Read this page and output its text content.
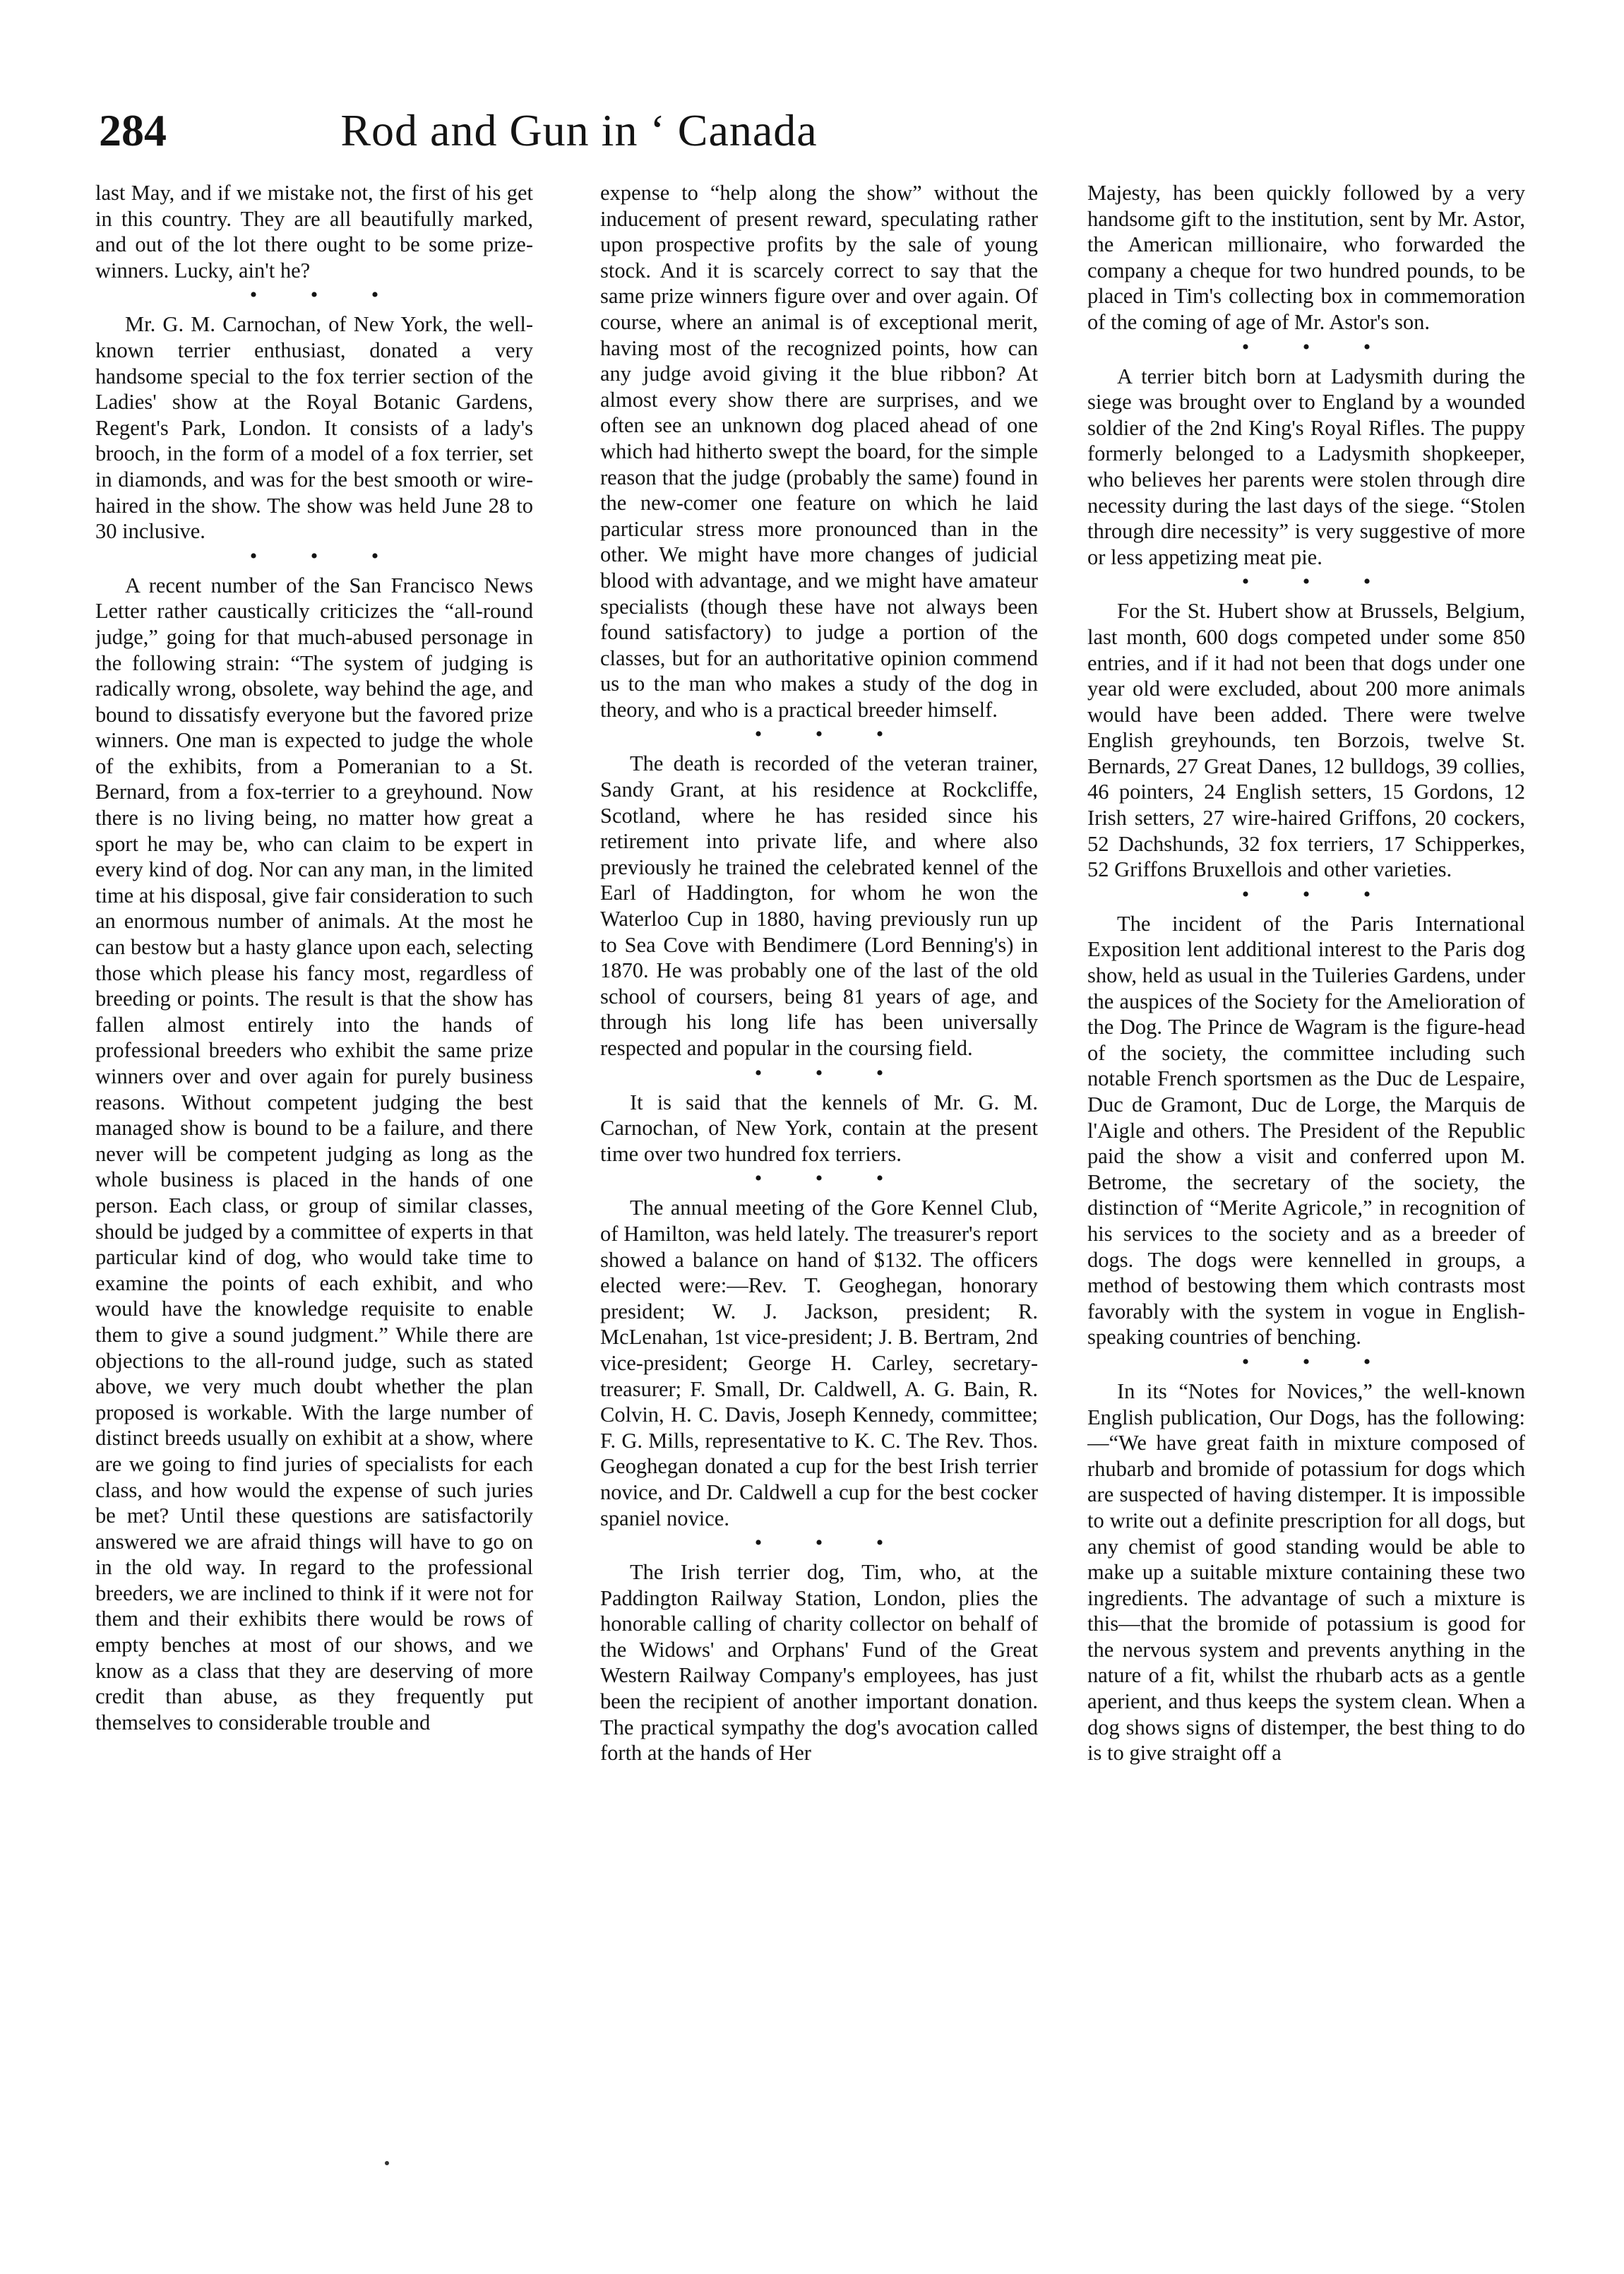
284	Rod and Gun in ‘ Canada

last May, and if we mistake not, the first of his get in this country. They are all beautifully marked, and out of the lot there ought to be some prize-winners. Lucky, ain't he?

• • •

Mr. G. M. Carnochan, of New York, the well-known terrier enthusiast, donated a very handsome special to the fox terrier section of the Ladies' show at the Royal Botanic Gardens, Regent's Park, London. It consists of a lady's brooch, in the form of a model of a fox terrier, set in diamonds, and was for the best smooth or wire-haired in the show. The show was held June 28 to 30 inclusive.

• • •

A recent number of the San Francisco News Letter rather caustically criticizes the “all-round judge,” going for that much-abused personage in the following strain: “The system of judging is radically wrong, obsolete, way behind the age, and bound to dissatisfy everyone but the favored prize winners. One man is expected to judge the whole of the exhibits, from a Pomeranian to a St. Bernard, from a fox-terrier to a greyhound. Now there is no living being, no matter how great a sport he may be, who can claim to be expert in every kind of dog. Nor can any man, in the limited time at his disposal, give fair consideration to such an enormous number of animals. At the most he can bestow but a hasty glance upon each, selecting those which please his fancy most, regardless of breeding or points. The result is that the show has fallen almost entirely into the hands of professional breeders who exhibit the same prize winners over and over again for purely business reasons. Without competent judging the best managed show is bound to be a failure, and there never will be competent judging as long as the whole business is placed in the hands of one person. Each class, or group of similar classes, should be judged by a committee of experts in that particular kind of dog, who would take time to examine the points of each exhibit, and who would have the knowledge requisite to enable them to give a sound judgment.” While there are objections to the all-round judge, such as stated above, we very much doubt whether the plan proposed is workable. With the large number of distinct breeds usually on exhibit at a show, where are we going to find juries of specialists for each class, and how would the expense of such juries be met? Until these questions are satisfactorily answered we are afraid things will have to go on in the old way. In regard to the professional breeders, we are inclined to think if it were not for them and their exhibits there would be rows of empty benches at most of our shows, and we know as a class that they are deserving of more credit than abuse, as they frequently put themselves to considerable trouble and

expense to “help along the show” without the inducement of present reward, speculating rather upon prospective profits by the sale of young stock. And it is scarcely correct to say that the same prize winners figure over and over again. Of course, where an animal is of exceptional merit, having most of the recognized points, how can any judge avoid giving it the blue ribbon? At almost every show there are surprises, and we often see an unknown dog placed ahead of one which had hitherto swept the board, for the simple reason that the judge (probably the same) found in the new-comer one feature on which he laid particular stress more pronounced than in the other. We might have more changes of judicial blood with advantage, and we might have amateur specialists (though these have not always been found satisfactory) to judge a portion of the classes, but for an authoritative opinion commend us to the man who makes a study of the dog in theory, and who is a practical breeder himself.

• • •

The death is recorded of the veteran trainer, Sandy Grant, at his residence at Rockcliffe, Scotland, where he has resided since his retirement into private life, and where also previously he trained the celebrated kennel of the Earl of Haddington, for whom he won the Waterloo Cup in 1880, having previously run up to Sea Cove with Bendimere (Lord Benning's) in 1870. He was probably one of the last of the old school of coursers, being 81 years of age, and through his long life has been universally respected and popular in the coursing field.

• • •

It is said that the kennels of Mr. G. M. Carnochan, of New York, contain at the present time over two hundred fox terriers.

• • •

The annual meeting of the Gore Kennel Club, of Hamilton, was held lately. The treasurer's report showed a balance on hand of $132. The officers elected were:—Rev. T. Geoghegan, honorary president; W. J. Jackson, president; R. McLenahan, 1st vice-president; J. B. Bertram, 2nd vice-president; George H. Carley, secretary-treasurer; F. Small, Dr. Caldwell, A. G. Bain, R. Colvin, H. C. Davis, Joseph Kennedy, committee; F. G. Mills, representative to K. C. The Rev. Thos. Geoghegan donated a cup for the best Irish terrier novice, and Dr. Caldwell a cup for the best cocker spaniel novice.

• • •

The Irish terrier dog, Tim, who, at the Paddington Railway Station, London, plies the honorable calling of charity collector on behalf of the Widows' and Orphans' Fund of the Great Western Railway Company's employees, has just been the recipient of another important donation. The practical sympathy the dog's avocation called forth at the hands of Her

Majesty, has been quickly followed by a very handsome gift to the institution, sent by Mr. Astor, the American millionaire, who forwarded the company a cheque for two hundred pounds, to be placed in Tim's collecting box in commemoration of the coming of age of Mr. Astor's son.

• • •

A terrier bitch born at Ladysmith during the siege was brought over to England by a wounded soldier of the 2nd King's Royal Rifles. The puppy formerly belonged to a Ladysmith shopkeeper, who believes her parents were stolen through dire necessity during the last days of the siege. “Stolen through dire necessity” is very suggestive of more or less appetizing meat pie.

• • •

For the St. Hubert show at Brussels, Belgium, last month, 600 dogs competed under some 850 entries, and if it had not been that dogs under one year old were excluded, about 200 more animals would have been added. There were twelve English greyhounds, ten Borzois, twelve St. Bernards, 27 Great Danes, 12 bulldogs, 39 collies, 46 pointers, 24 English setters, 15 Gordons, 12 Irish setters, 27 wire-haired Griffons, 20 cockers, 52 Dachshunds, 32 fox terriers, 17 Schipperkes, 52 Griffons Bruxellois and other varieties.

• • •

The incident of the Paris International Exposition lent additional interest to the Paris dog show, held as usual in the Tuileries Gardens, under the auspices of the Society for the Amelioration of the Dog. The Prince de Wagram is the figure-head of the society, the committee including such notable French sportsmen as the Duc de Lespaire, Duc de Gramont, Duc de Lorge, the Marquis de l'Aigle and others. The President of the Republic paid the show a visit and conferred upon M. Betrome, the secretary of the society, the distinction of “Merite Agricole,” in recognition of his services to the society and as a breeder of dogs. The dogs were kennelled in groups, a method of bestowing them which contrasts most favorably with the system in vogue in English-speaking countries of benching.

• • •

In its “Notes for Novices,” the well-known English publication, Our Dogs, has the following:—“We have great faith in mixture composed of rhubarb and bromide of potassium for dogs which are suspected of having distemper. It is impossible to write out a definite prescription for all dogs, but any chemist of good standing would be able to make up a suitable mixture containing these two ingredients. The advantage of such a mixture is this—that the bromide of potassium is good for the nervous system and prevents anything in the nature of a fit, whilst the rhubarb acts as a gentle aperient, and thus keeps the system clean. When a dog shows signs of distemper, the best thing to do is to give straight off a
